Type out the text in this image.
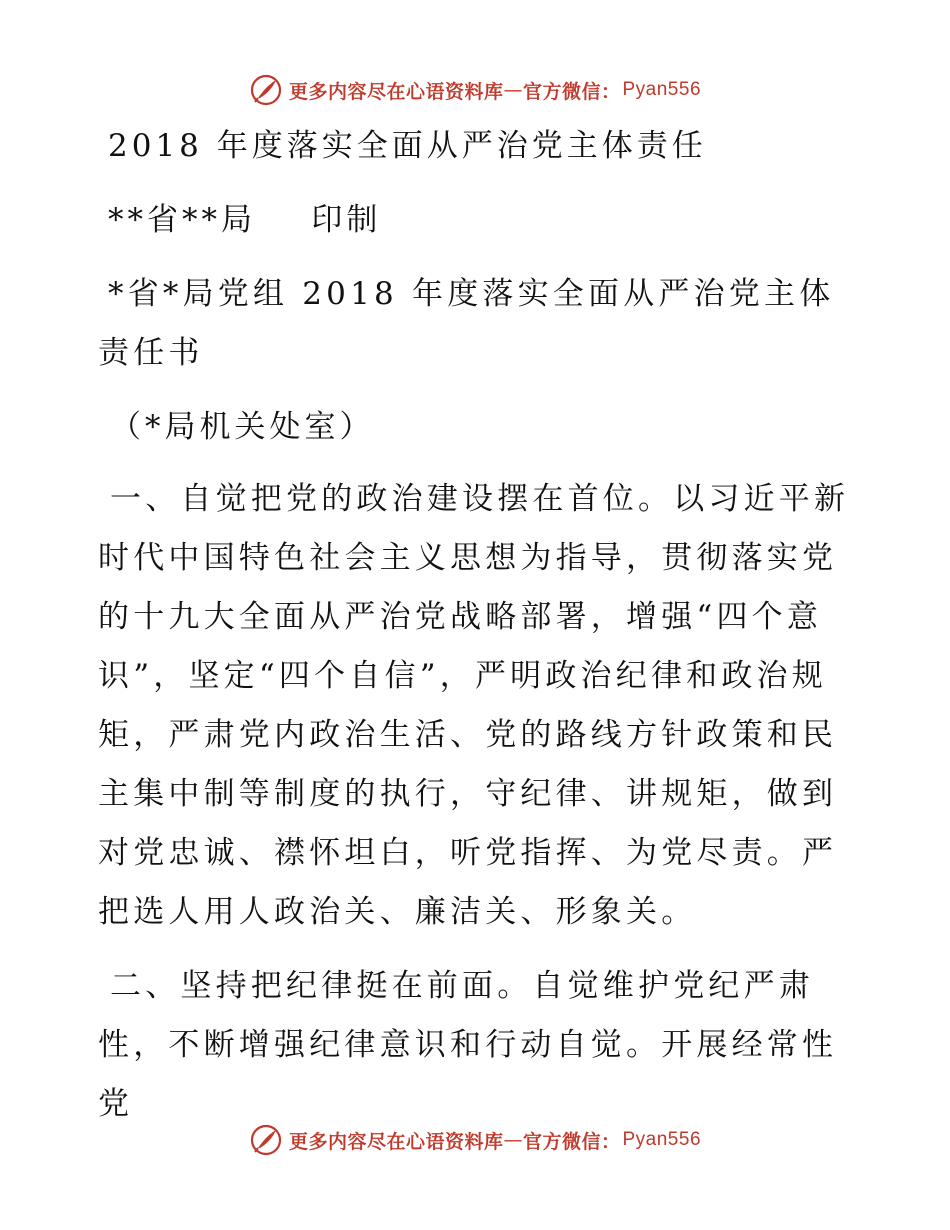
更多内容尽在心语资料库 — 官方微信： Pyan556
2018 年度落实全面从严治党主体责任
**省**局    印制
*省*局党组 2018 年度落实全面从严治党主体责任书
（*局机关处室）
一、自觉把党的政治建设摆在首位。以习近平新时代中国特色社会主义思想为指导，贯彻落实党的十九大全面从严治党战略部署，增强“四个意识”，坚定“四个自信”，严明政治纪律和政治规矩，严肃党内政治生活、党的路线方针政策和民主集中制等制度的执行，守纪律、讲规矩，做到对党忠诚、襟怀坦白，听党指挥、为党尽责。严把选人用人政治关、廉洁关、形象关。
二、坚持把纪律挺在前面。自觉维护党纪严肃性，不断增强纪律意识和行动自觉。开展经常性党
更多内容尽在心语资料库 — 官方微信： Pyan556
